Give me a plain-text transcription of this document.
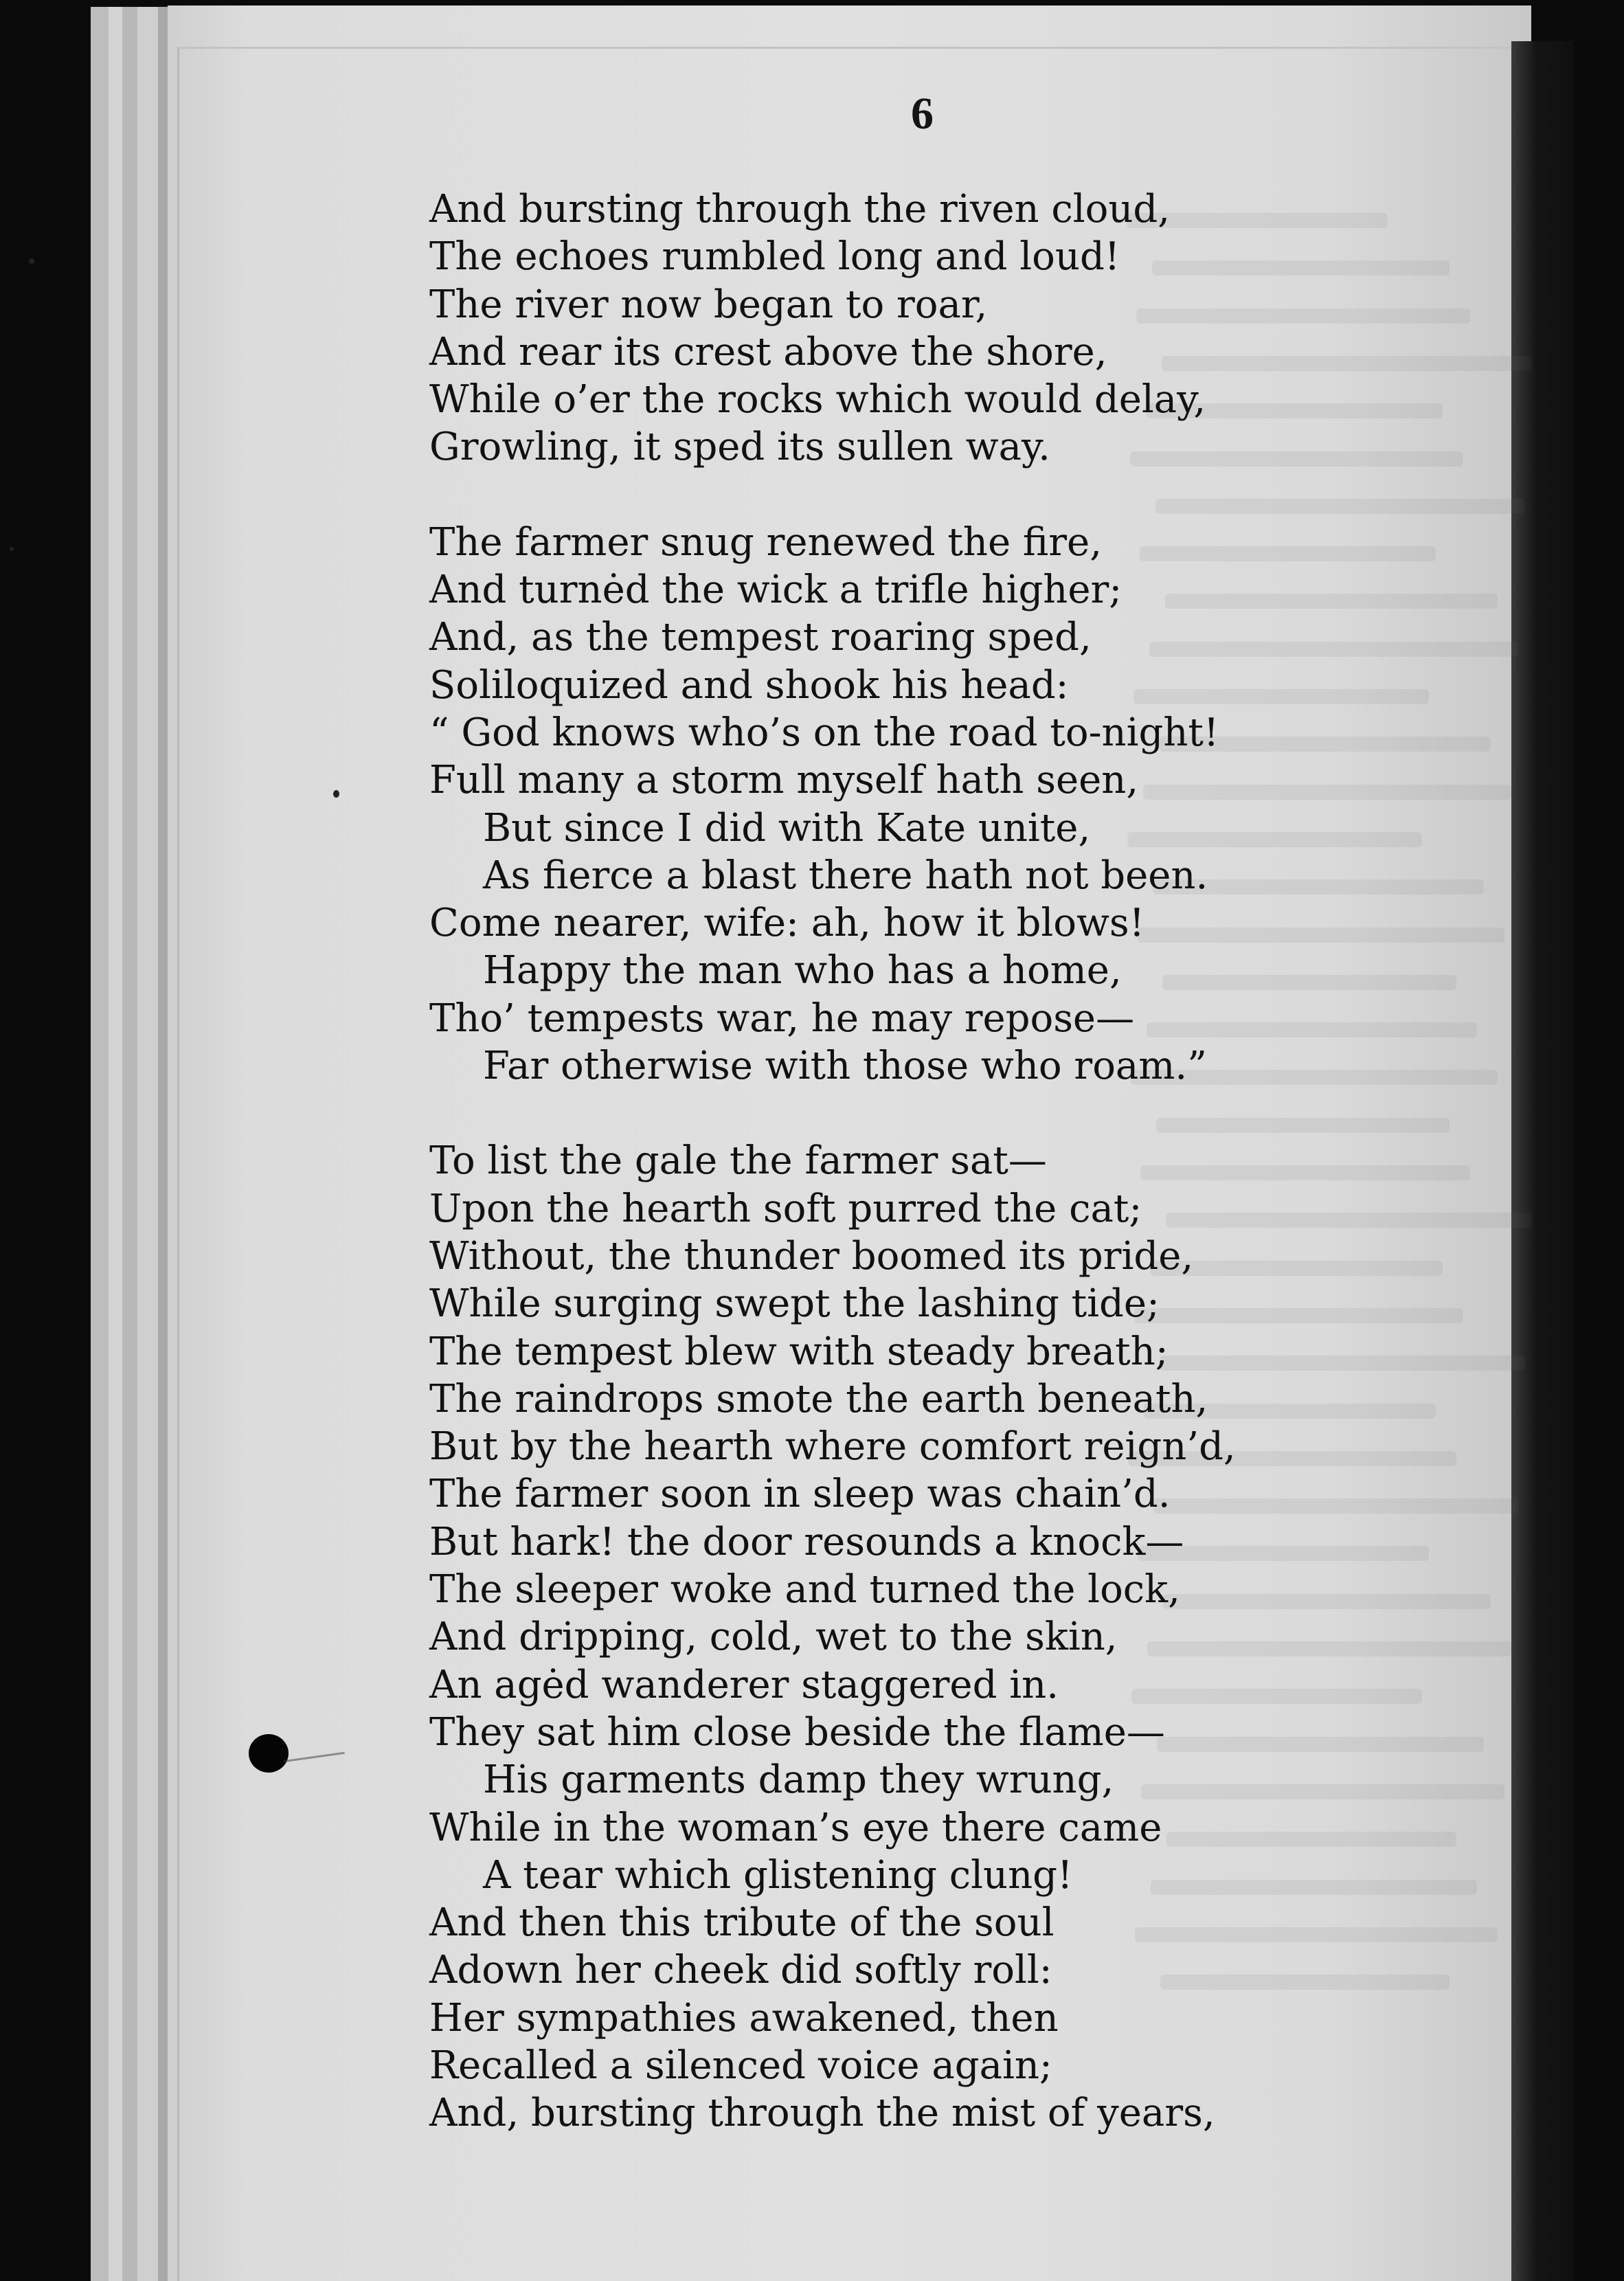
6
And bursting through the riven cloud,
The echoes rumbled long and loud!
The river now began to roar,
And rear its crest above the shore,
While o’er the rocks which would delay,
Growling, it sped its sullen way.
The farmer snug renewed the fire,
And turnėd the wick a trifle higher;
And, as the tempest roaring sped,
Soliloquized and shook his head:
“ God knows who’s on the road to-night!
Full many a storm myself hath seen,
But since I did with Kate unite,
As fierce a blast there hath not been.
Come nearer, wife: ah, how it blows!
Happy the man who has a home,
Tho’ tempests war, he may repose—
Far otherwise with those who roam.”
To list the gale the farmer sat—
Upon the hearth soft purred the cat;
Without, the thunder boomed its pride,
While surging swept the lashing tide;
The tempest blew with steady breath;
The raindrops smote the earth beneath,
But by the hearth where comfort reign’d,
The farmer soon in sleep was chain’d.
But hark! the door resounds a knock—
The sleeper woke and turned the lock,
And dripping, cold, wet to the skin,
An agėd wanderer staggered in.
They sat him close beside the flame—
His garments damp they wrung,
While in the woman’s eye there came
A tear which glistening clung!
And then this tribute of the soul
Adown her cheek did softly roll:
Her sympathies awakened, then
Recalled a silenced voice again;
And, bursting through the mist of years,
